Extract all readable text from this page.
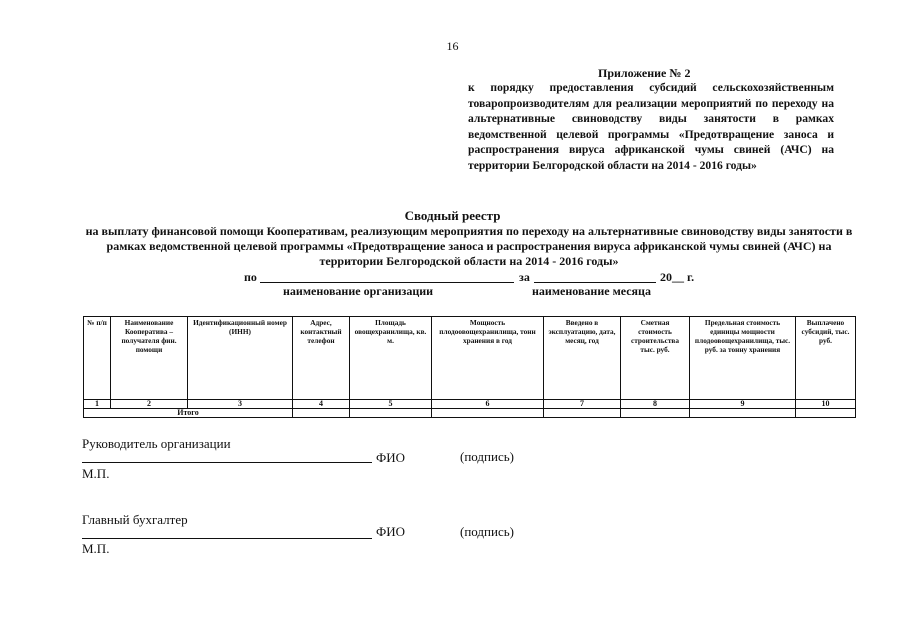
16
Приложение № 2
к порядку предоставления субсидий сельскохозяйственным товаропроизводителям для реализации мероприятий по переходу на альтернативные свиноводству виды занятости в рамках ведомственной целевой программы «Предотвращение заноса и распространения вируса африканской чумы свиней (АЧС) на территории Белгородской области на 2014 - 2016 годы»
Сводный реестр
на выплату финансовой помощи Кооперативам, реализующим мероприятия по переходу на альтернативные свиноводству виды занятости в рамках ведомственной целевой программы «Предотвращение заноса и распространения вируса африканской чумы свиней (АЧС) на территории Белгородской области на 2014 - 2016 годы»
по	за	20__ г.
наименование организации	наименование месяца
№ п/п	Наименование Кооператива – получателя фин. помощи	Идентификационный номер (ИНН)	Адрес, контактный телефон	Площадь овощехранилища, кв. м.	Мощность плодоовощехранилища, тонн хранения в год	Введено в эксплуатацию, дата, месяц, год	Сметная стоимость строительства тыс. руб.	Предельная стоимость единицы мощности плодоовощехранилища, тыс. руб. за тонну хранения	Выплачено субсидий, тыс. руб.
1	2	3	4	5	6	7	8	9	10
Итого									
Руководитель организации
ФИО	(подпись)
М.П.
Главный бухгалтер
ФИО	(подпись)
М.П.
